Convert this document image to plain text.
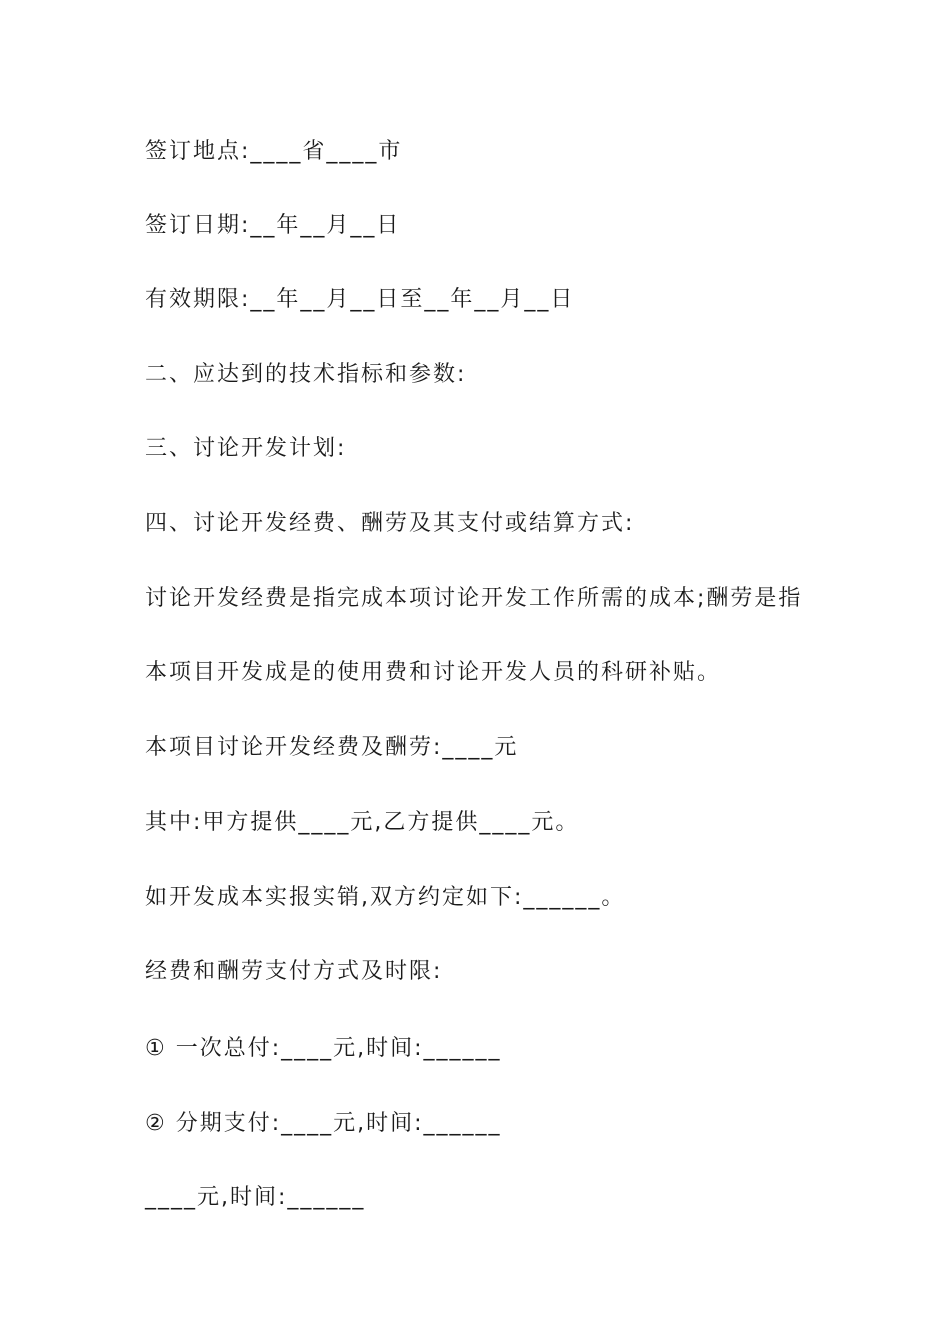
签订地点:____省____市
签订日期:__年__月__日
有效期限:__年__月__日至__年__月__日
二、应达到的技术指标和参数:
三、讨论开发计划:
四、讨论开发经费、酬劳及其支付或结算方式:
讨论开发经费是指完成本项讨论开发工作所需的成本;酬劳是指
本项目开发成是的使用费和讨论开发人员的科研补贴。
本项目讨论开发经费及酬劳:____元
其中:甲方提供____元,乙方提供____元。
如开发成本实报实销,双方约定如下:______。
经费和酬劳支付方式及时限:
① 一次总付:____元,时间:______
② 分期支付:____元,时间:______
____元,时间:______
